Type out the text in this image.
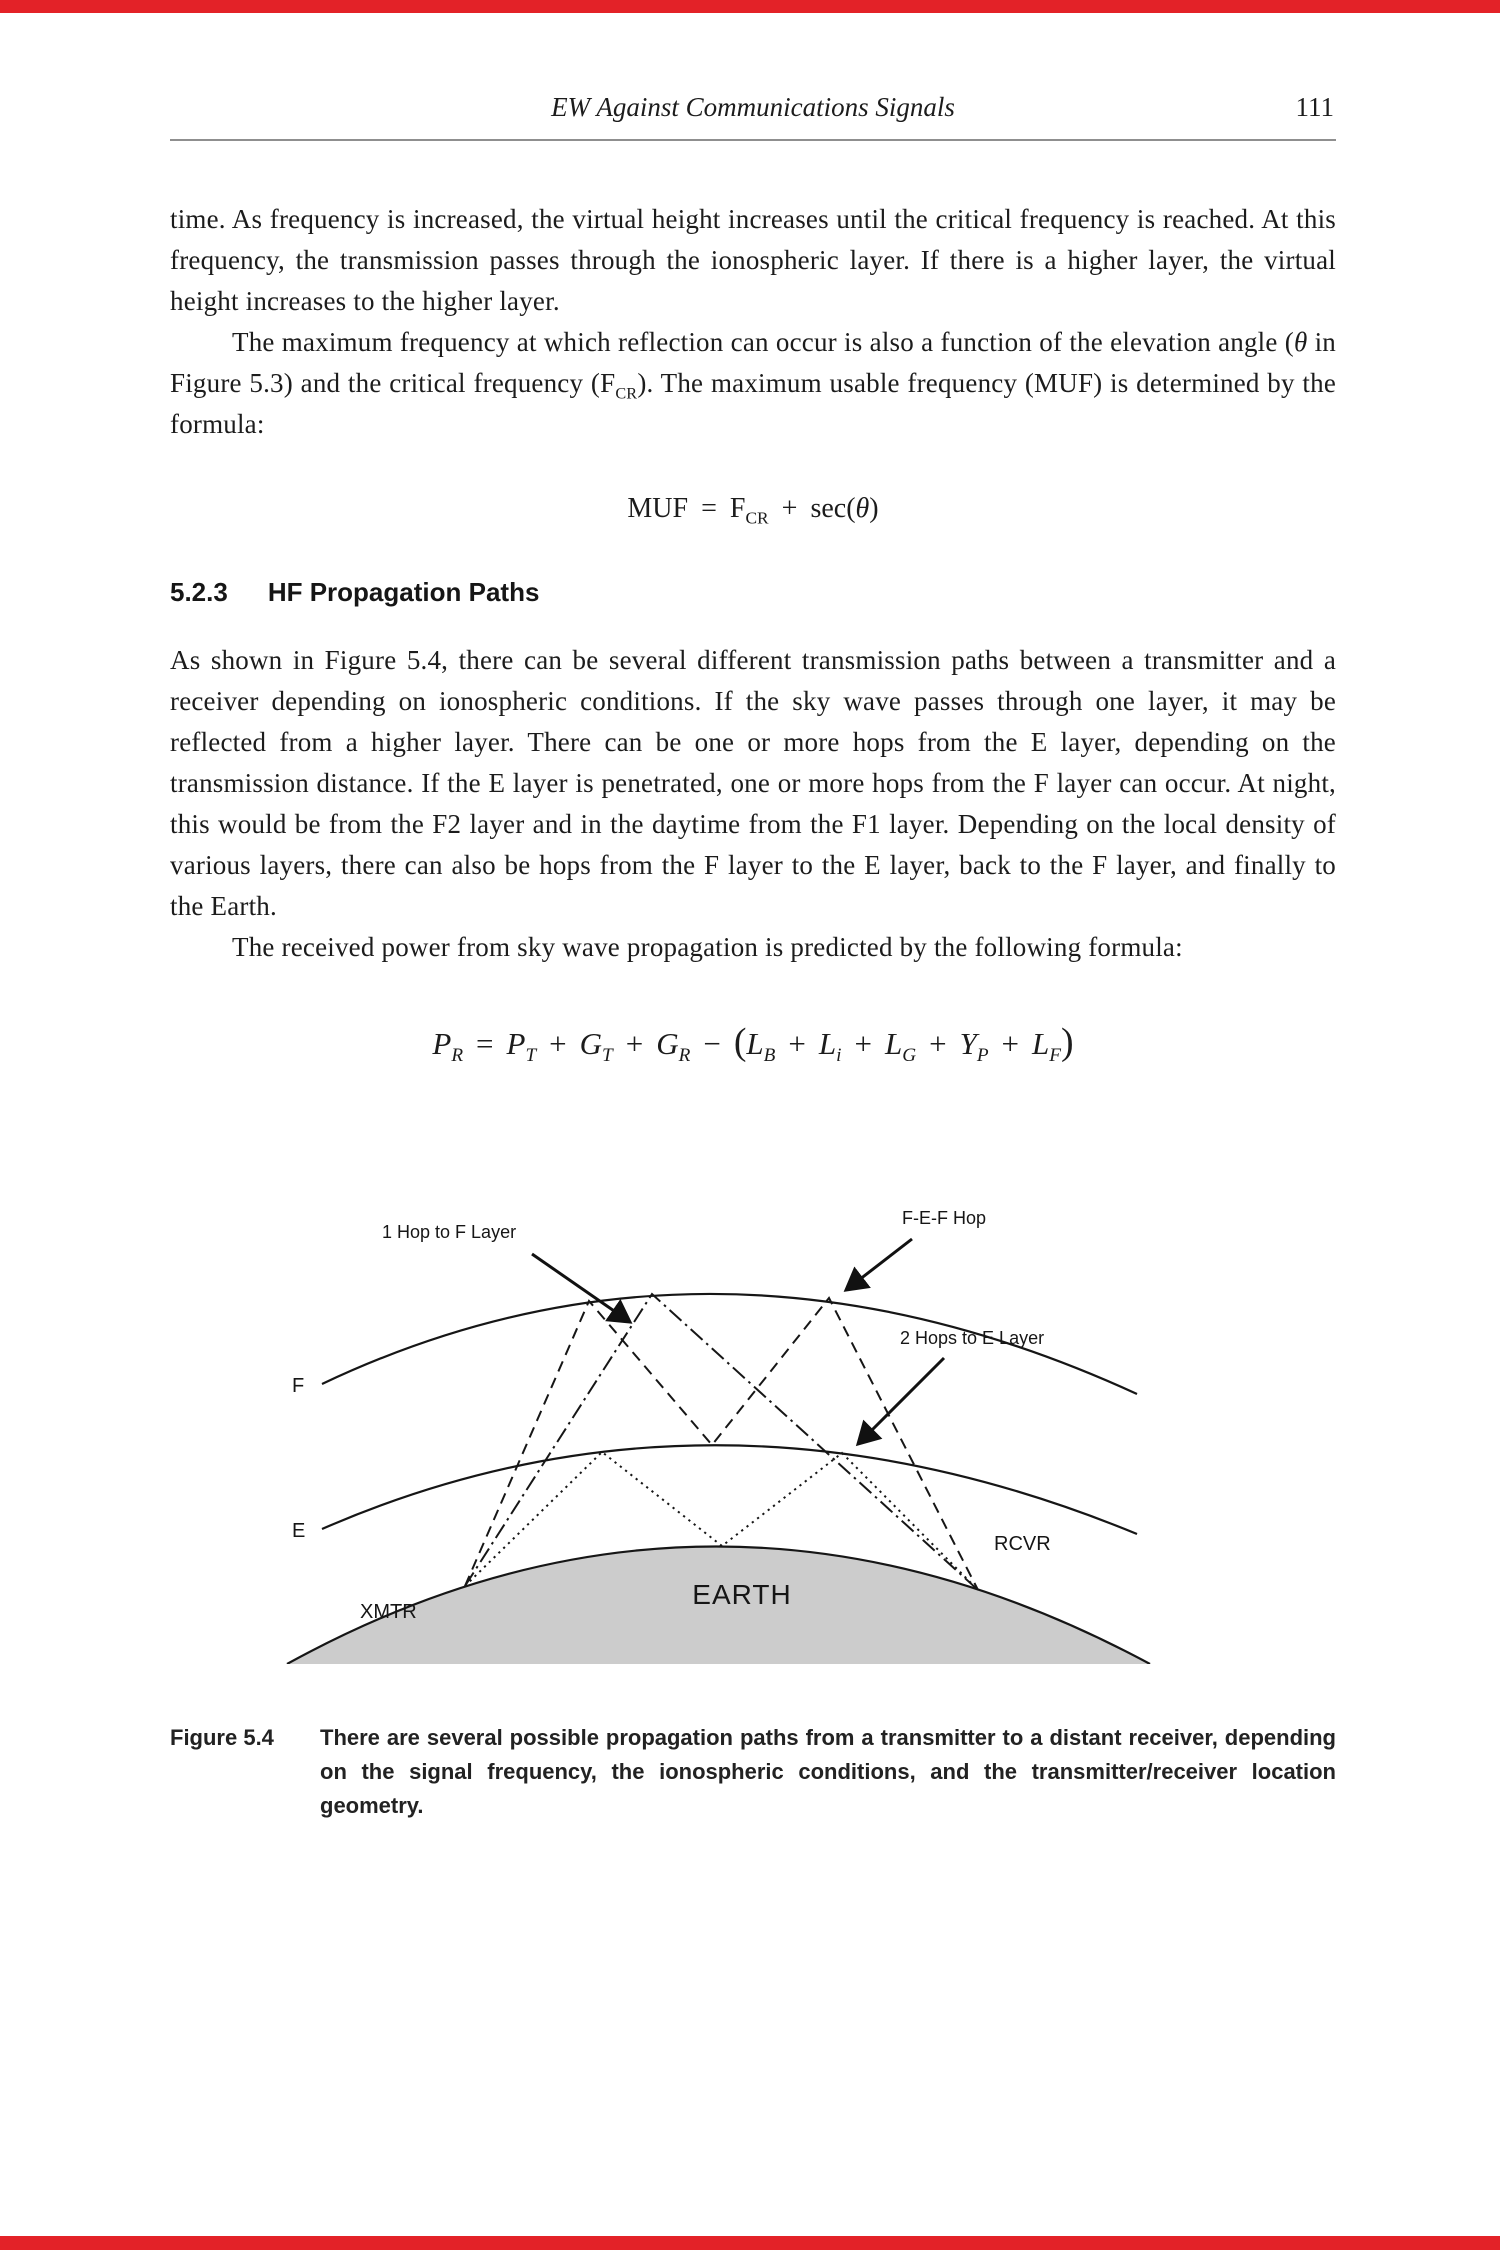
EW Against Communications Signals	111

time. As frequency is increased, the virtual height increases until the critical frequency is reached. At this frequency, the transmission passes through the ionospheric layer. If there is a higher layer, the virtual height increases to the higher layer.

The maximum frequency at which reflection can occur is also a function of the elevation angle (θ in Figure 5.3) and the critical frequency $(F_{CR})$. The maximum usable frequency (MUF) is determined by the formula:

MUF = $F_{CR} + \sec(\theta)$
5.2.3 HF Propagation Paths

As shown in Figure 5.4, there can be several different transmission paths between a transmitter and a receiver depending on ionospheric conditions. If the sky wave passes through one layer, it may be reflected from a higher layer. There can be one or more hops from the E layer, depending on the transmission distance. If the E layer is penetrated, one or more hops from the F layer can occur. At night, this would be from the F2 layer and in the daytime from the F1 layer. Depending on the local density of various layers, there can also be hops from the F layer to the E layer, back to the F layer, and finally to the Earth.

The received power from sky wave propagation is predicted by the following formula:

$P_R = P_T + G_T + G_R - (L_B + L_i + L_G + Y_P + L_F)$
1 Hop to F Layer
F-E-F Hop
2 Hops to E Layer
F
E
XMTR
RCVR
EARTH
Figure 5.4	There are several possible propagation paths from a transmitter to a distant receiver, depending on the signal frequency, the ionospheric conditions, and the transmitter/receiver location geometry.
